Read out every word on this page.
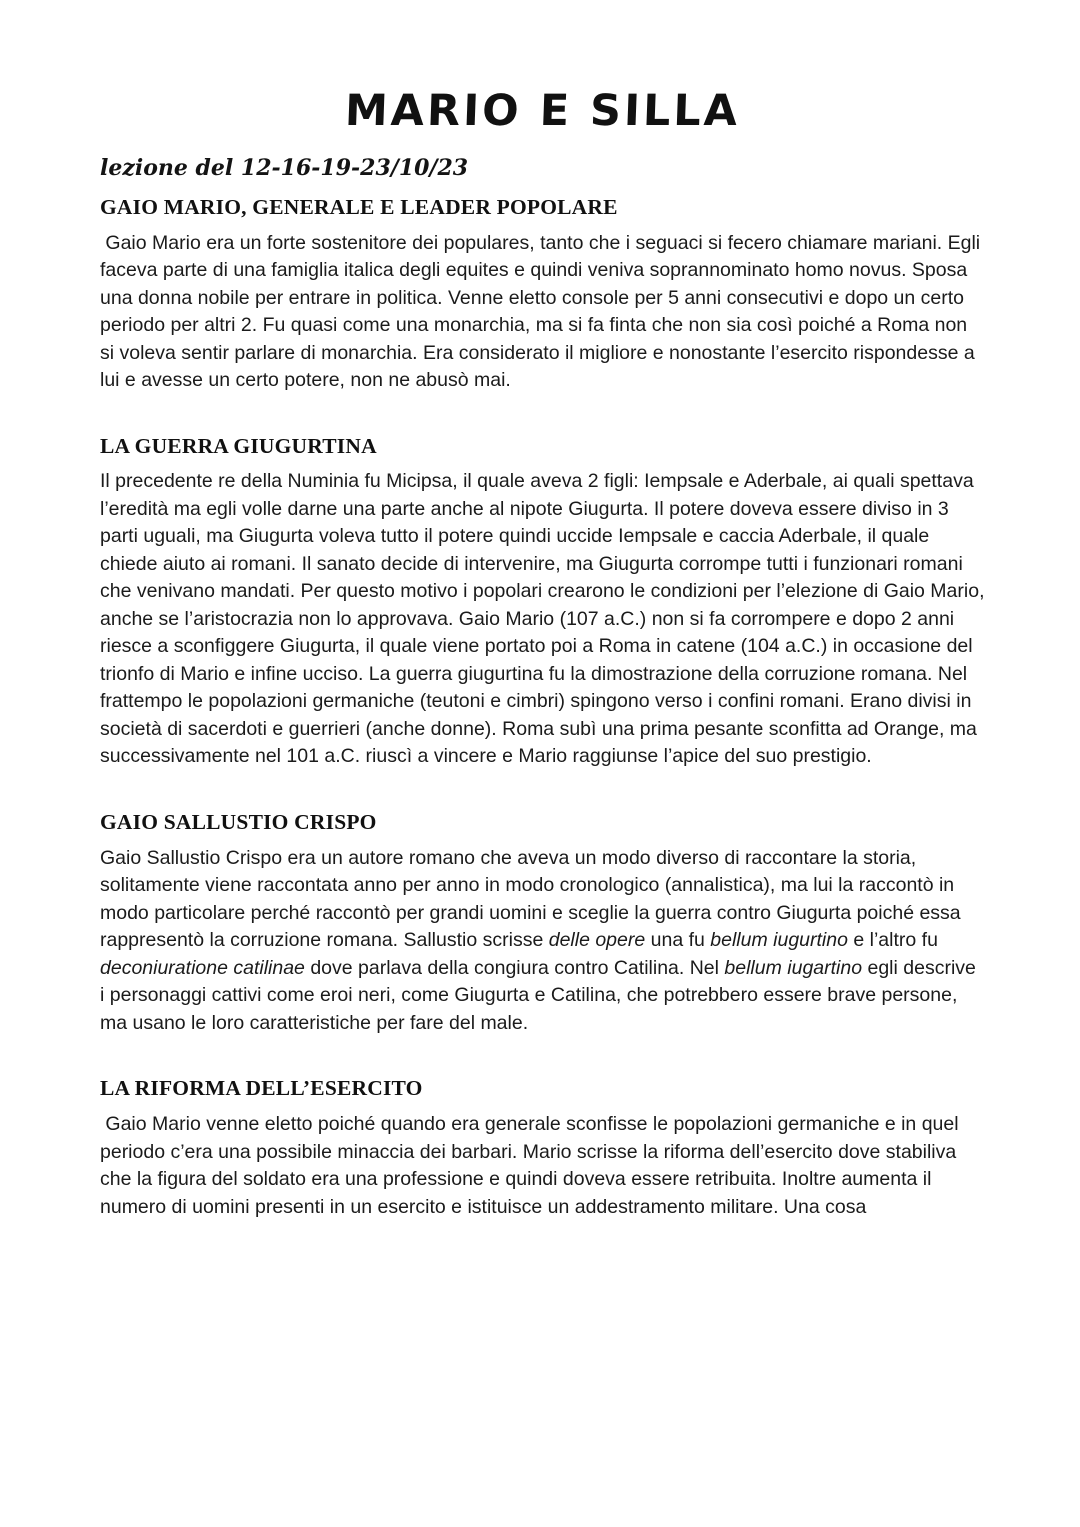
MARIO E SILLA
lezione del 12-16-19-23/10/23
GAIO MARIO, GENERALE E LEADER POPOLARE

Gaio Mario era un forte sostenitore dei populares, tanto che i seguaci si fecero chiamare mariani. Egli faceva parte di una famiglia italica degli equites e quindi veniva soprannominato homo novus. Sposa una donna nobile per entrare in politica. Venne eletto console per 5 anni consecutivi e dopo un certo periodo per altri 2. Fu quasi come una monarchia, ma si fa finta che non sia così poiché a Roma non si voleva sentir parlare di monarchia. Era considerato il migliore e nonostante l’esercito rispondesse a lui e avesse un certo potere, non ne abusò mai.

LA GUERRA GIUGURTINA

Il precedente re della Numinia fu Micipsa, il quale aveva 2 figli: Iempsale e Aderbale, ai quali spettava l’eredità ma egli volle darne una parte anche al nipote Giugurta. Il potere doveva essere diviso in 3 parti uguali, ma Giugurta voleva tutto il potere quindi uccide Iempsale e caccia Aderbale, il quale chiede aiuto ai romani. Il sanato decide di intervenire, ma Giugurta corrompe tutti i funzionari romani che venivano mandati. Per questo motivo i popolari crearono le condizioni per l’elezione di Gaio Mario, anche se l’aristocrazia non lo approvava. Gaio Mario (107 a.C.) non si fa corrompere e dopo 2 anni riesce a sconfiggere Giugurta, il quale viene portato poi a Roma in catene (104 a.C.) in occasione del trionfo di Mario e infine ucciso. La guerra giugurtina fu la dimostrazione della corruzione romana. Nel frattempo le popolazioni germaniche (teutoni e cimbri) spingono verso i confini romani. Erano divisi in società di sacerdoti e guerrieri (anche donne). Roma subì una prima pesante sconfitta ad Orange, ma successivamente nel 101 a.C. riuscì a vincere e Mario raggiunse l’apice del suo prestigio.

GAIO SALLUSTIO CRISPO

Gaio Sallustio Crispo era un autore romano che aveva un modo diverso di raccontare la storia, solitamente viene raccontata anno per anno in modo cronologico (annalistica), ma lui la raccontò in modo particolare perché raccontò per grandi uomini e sceglie la guerra contro Giugurta poiché essa rappresentò la corruzione romana. Sallustio scrisse delle opere una fu bellum iugurtino e l’altro fu deconiuratione catilinae dove parlava della congiura contro Catilina. Nel bellum iugartino egli descrive i personaggi cattivi come eroi neri, come Giugurta e Catilina, che potrebbero essere brave persone, ma usano le loro caratteristiche per fare del male.

LA RIFORMA DELL’ESERCITO

Gaio Mario venne eletto poiché quando era generale sconfisse le popolazioni germaniche e in quel periodo c’era una possibile minaccia dei barbari. Mario scrisse la riforma dell’esercito dove stabiliva che la figura del soldato era una professione e quindi doveva essere retribuita. Inoltre aumenta il numero di uomini presenti in un esercito e istituisce un addestramento militare. Una cosa
